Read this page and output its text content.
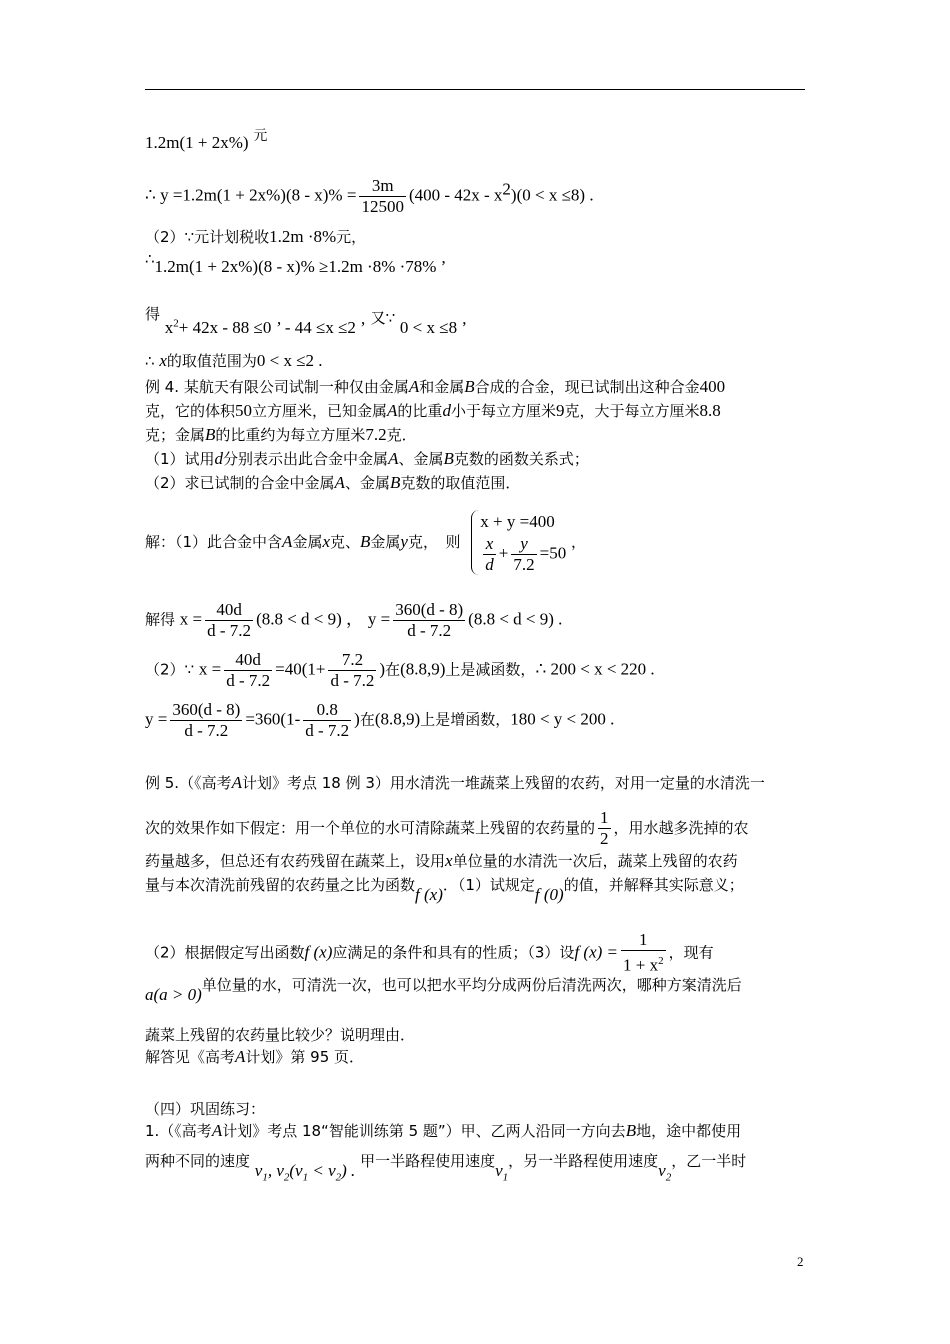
1.2m(1 + 2x%) 元
∴ $y =1.2m(1 + 2x\%)(8 - x)\% = \frac{3m}{12500} (400 - 42x - x^2)(0 < x \le 8)$ .
（2）∵元计划税收1.2m ·8%元，
∴1.2m(1 + 2x%)(8 - x)% ≥1.2m ·8% ·78% ’
得 $x^2+ 42x - 88 \le 0$ ’ - 44 ≤x ≤2 ’ 又∵ 0 < x ≤8 ’
∴ x的取值范围为0 < x ≤2 .
例 4. 某航天有限公司试制一种仅由金属A和金属B合成的合金，现已试制出这种合金400
克，它的体积50立方厘米，已知金属A的比重d小于每立方厘米9克，大于每立方厘米8.8
克；金属B的比重约为每立方厘米7.2克．
（1）试用d分别表示出此合金中金属A、金属B克数的函数关系式；
（2）求已试制的合金中金属A、金属B克数的取值范围．
解：（1）此合金中含A金属x克、B金属y克，　则
x + y =400
$\frac{x}{d} + \frac{y}{7.2} =50$
，
解得 $x = \frac{40d}{d - 7.2} (8.8 < d < 9)$ ， $y = \frac{360(d - 8)}{d - 7.2} (8.8 < d < 9)$ .
（2）∵ $x = \frac{40d}{d - 7.2} =40(1+ \frac{7.2}{d - 7.2}$ )在(8.8,9)上是减函数，∴ 200 < x < 220 .
$y = \frac{360(d - 8)}{d - 7.2} =360(1- \frac{0.8}{d - 7.2}$ )在(8.8,9)上是增函数，180 < y < 200 .
例 5.（《高考A计划》考点 18 例 3）用水清洗一堆蔬菜上残留的农药，对用一定量的水清洗一
次的效果作如下假定：用一个单位的水可清除蔬菜上残留的农药量的 $\frac{1}{2}$ ，用水越多洗掉的农
药量越多，但总还有农药残留在蔬菜上，设用x单位量的水清洗一次后，蔬菜上残留的农药
量与本次清洗前残留的农药量之比为函数f (x)．（1）试规定f (0)的值，并解释其实际意义；
（2）根据假定写出函数f (x)应满足的条件和具有的性质；（3）设f $(x) = \frac{1}{1 + x^2}$ ，现有
a(a > 0)单位量的水，可清洗一次，也可以把水平均分成两份后清洗两次，哪种方案清洗后
蔬菜上残留的农药量比较少？说明理由．
解答见《高考A计划》第 95 页．
（四）巩固练习：
1.（《高考A计划》考点 18“智能训练第 5 题”）甲、乙两人沿同一方向去B地，途中都使用
两种不同的速度 $v_1$, $v_2(v_1 < v_2)$ . 甲一半路程使用速度$v_1$，另一半路程使用速度$v_2$，乙一半时
2
